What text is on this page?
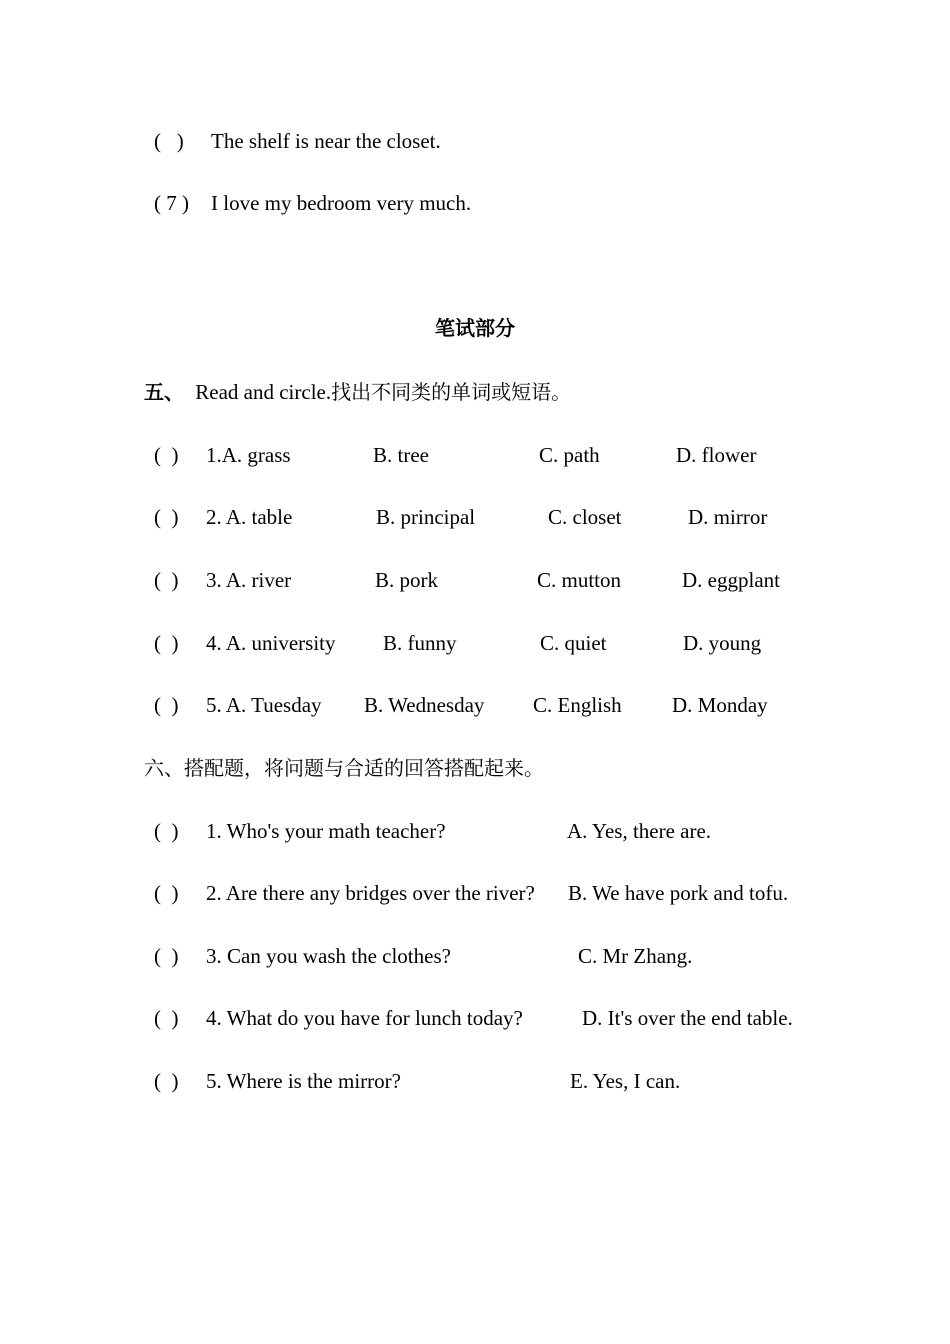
(   ) The shelf is near the closet.
( 7 ) I love my bedroom very much.
笔试部分
五、 Read and circle.找出不同类的单词或短语。
(  ) 1.A. grass	B. tree	C. path	D. flower
(  ) 2. A. table	B. principal	C. closet	D. mirror
(  ) 3. A. river	B. pork	C. mutton	D. eggplant
(  ) 4. A. university B. funny	C. quiet	D. young
(  ) 5. A. Tuesday B. Wednesday C. English D. Monday
六、搭配题，将问题与合适的回答搭配起来。
(  ) 1. Who's your math teacher?	A. Yes, there are.
(  ) 2. Are there any bridges over the river? B. We have pork and tofu.
(  ) 3. Can you wash the clothes?	C. Mr Zhang.
(  ) 4. What do you have for lunch today?	D. It's over the end table.
(  ) 5. Where is the mirror?	E. Yes, I can.
